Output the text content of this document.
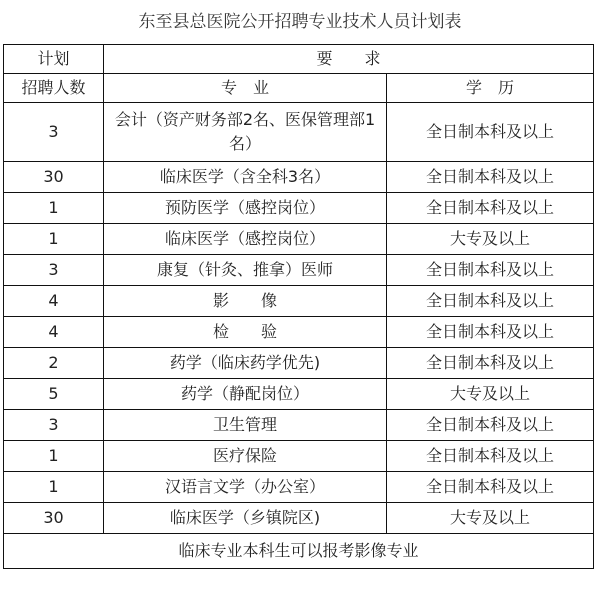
东至县总医院公开招聘专业技术人员计划表
计划	要　　求	
招聘人数	专　业	学　历
3	会计（资产财务部2名、医保管理部1名）	全日制本科及以上
30	临床医学（含全科3名）	全日制本科及以上
1	预防医学（感控岗位）	全日制本科及以上
1	临床医学（感控岗位）	大专及以上
3	康复（针灸、推拿）医师	全日制本科及以上
4	影　　像	全日制本科及以上
4	检　　验	全日制本科及以上
2	药学（临床药学优先)	全日制本科及以上
5	药学（静配岗位）	大专及以上
3	卫生管理	全日制本科及以上
1	医疗保险	全日制本科及以上
1	汉语言文学（办公室）	全日制本科及以上
30	临床医学（乡镇院区)	大专及以上
临床专业本科生可以报考影像专业		
